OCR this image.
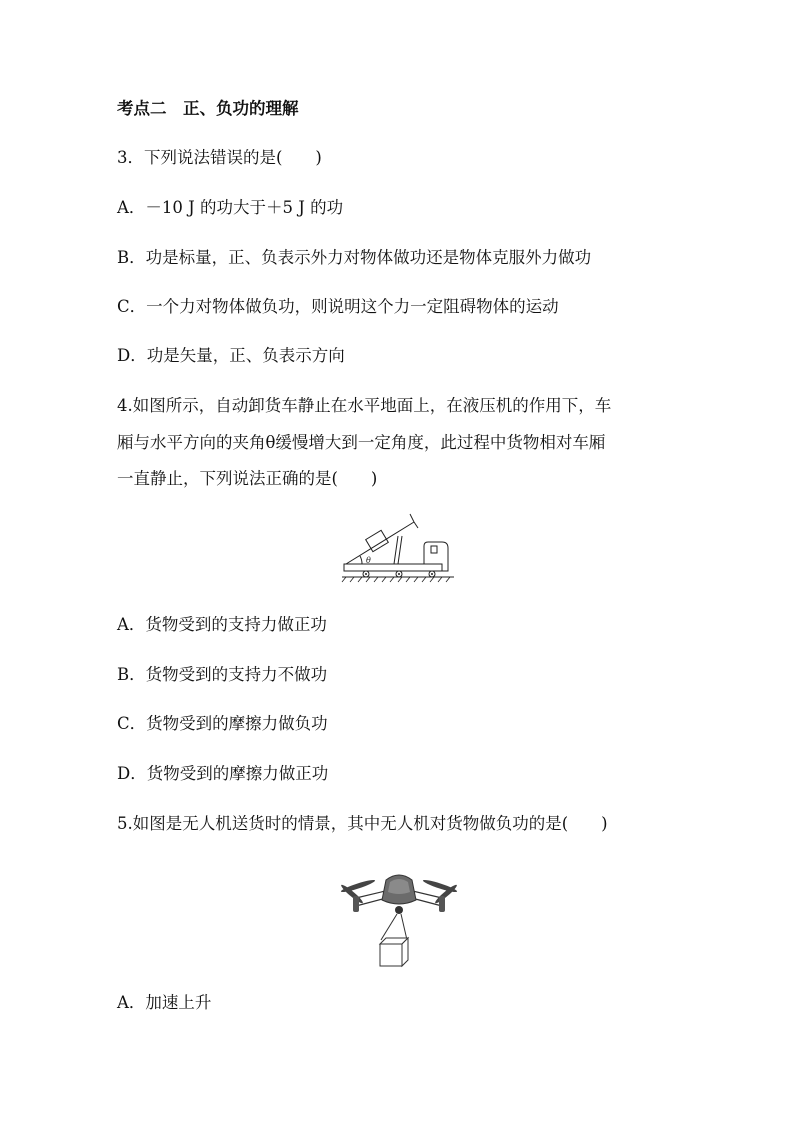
考点二　正、负功的理解
3．下列说法错误的是(　　)
A．－10 J 的功大于＋5 J 的功
B．功是标量，正、负表示外力对物体做功还是物体克服外力做功
C．一个力对物体做负功，则说明这个力一定阻碍物体的运动
D．功是矢量，正、负表示方向
4.如图所示，自动卸货车静止在水平地面上，在液压机的作用下，车
厢与水平方向的夹角θ缓慢增大到一定角度，此过程中货物相对车厢
一直静止，下列说法正确的是(　　)
θ
A．货物受到的支持力做正功
B．货物受到的支持力不做功
C．货物受到的摩擦力做负功
D．货物受到的摩擦力做正功
5.如图是无人机送货时的情景，其中无人机对货物做负功的是(　　)
A．加速上升
